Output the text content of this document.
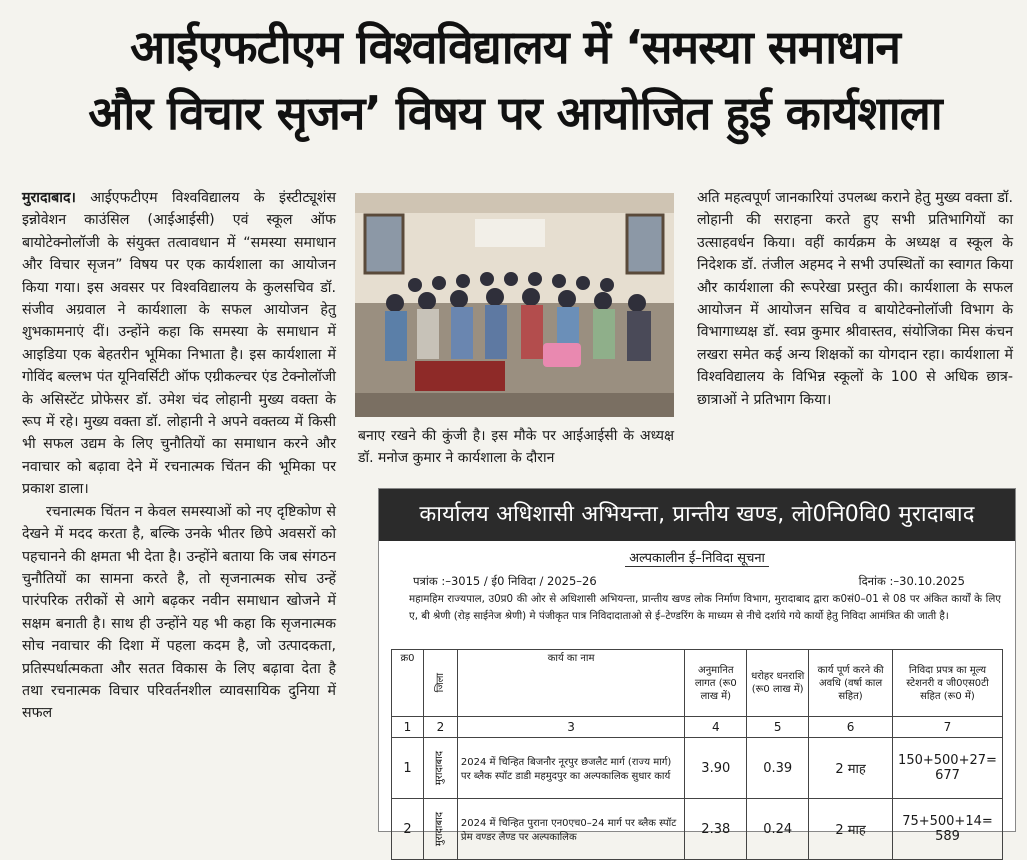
आईएफटीएम विश्वविद्यालय में ‘समस्या समाधान
और विचार सृजन’ विषय पर आयोजित हुई कार्यशाला

मुरादाबाद। आईएफटीएम विश्वविद्यालय के इंस्टीट्यूशंस इन्नोवेशन काउंसिल (आईआईसी) एवं स्कूल ऑफ बायोटेक्नोलॉजी के संयुक्त तत्वावधान में “समस्या समाधान और विचार सृजन” विषय पर एक कार्यशाला का आयोजन किया गया। इस अवसर पर विश्वविद्यालय के कुलसचिव डॉ. संजीव अग्रवाल ने कार्यशाला के सफल आयोजन हेतु शुभकामनाएं दीं। उन्होंने कहा कि समस्या के समाधान में आइडिया एक बेहतरीन भूमिका निभाता है। इस कार्यशाला में गोविंद बल्लभ पंत यूनिवर्सिटी ऑफ एग्रीकल्चर एंड टेक्नोलॉजी के असिस्टेंट प्रोफेसर डॉ. उमेश चंद लोहानी मुख्य वक्ता के रूप में रहे। मुख्य वक्ता डॉ. लोहानी ने अपने वक्तव्य में किसी भी सफल उद्यम के लिए चुनौतियों का समाधान करने और नवाचार को बढ़ावा देने में रचनात्मक चिंतन की भूमिका पर प्रकाश डाला।

रचनात्मक चिंतन न केवल समस्याओं को नए दृष्टिकोण से देखने में मदद करता है, बल्कि उनके भीतर छिपे अवसरों को पहचानने की क्षमता भी देता है। उन्होंने बताया कि जब संगठन चुनौतियों का सामना करते है, तो सृजनात्मक सोच उन्हें पारंपरिक तरीकों से आगे बढ़कर नवीन समाधान खोजने में सक्षम बनाती है। साथ ही उन्होंने यह भी कहा कि सृजनात्मक सोच नवाचार की दिशा में पहला कदम है, जो उत्पादकता, प्रतिस्पर्धात्मकता और सतत विकास के लिए बढ़ावा देता है तथा रचनात्मक विचार परिवर्तनशील व्यावसायिक दुनिया में सफल

बनाए रखने की कुंजी है। इस मौके पर आईआईसी के अध्यक्ष डॉ. मनोज कुमार ने कार्यशाला के दौरान
अति महत्वपूर्ण जानकारियां उपलब्ध कराने हेतु मुख्य वक्ता डॉ. लोहानी की सराहना करते हुए सभी प्रतिभागियों का उत्साहवर्धन किया। वहीं कार्यक्रम के अध्यक्ष व स्कूल के निदेशक डॉ. तंजील अहमद ने सभी उपस्थितों का स्वागत किया और कार्यशाला की रूपरेखा प्रस्तुत की। कार्यशाला के सफल आयोजन में आयोजन सचिव व बायोटेक्नोलॉजी विभाग के विभागाध्यक्ष डॉ. स्वप्न कुमार श्रीवास्तव, संयोजिका मिस कंचन लखरा समेत कई अन्य शिक्षकों का योगदान रहा। कार्यशाला में विश्वविद्यालय के विभिन्न स्कूलों के 100 से अधिक छात्र-छात्राओं ने प्रतिभाग किया।
कार्यालय अधिशासी अभियन्ता, प्रान्तीय खण्ड, लो0नि0वि0 मुरादाबाद
अल्पकालीन ई–निविदा सूचना
पत्रांक :–3015 / ई0 निविदा / 2025–26	दिनांक :–30.10.2025
महामहिम राज्यपाल, उ0प्र0 की ओर से अधिशासी अभियन्ता, प्रान्तीय खण्ड लोक निर्माण विभाग, मुरादाबाद द्वारा क0सं0–01 से 08 पर अंकित कार्यों के लिए ए, बी श्रेणी (रोड़ साईनेज श्रेणी) मे पंजीकृत पात्र निविदादाताओ से ई–टेण्डरिंग के माध्यम से नीचे दर्शाये गये कार्यो हेतु निविदा आमंत्रित की जाती है।
क्र0	जिला	कार्य का नाम	अनुमानित लागत (रू0 लाख में)	धरोहर धनराशि (रू0 लाख में)	कार्य पूर्ण करने की अवधि (वर्षा काल सहित)	निविदा प्रपत्र का मूल्य स्टेशनरी व जी0एस0टी सहित (रू0 में)
1	2	3	4	5	6	7
1	मुरादाबाद	2024 में चिन्हित बिजनौर नूरपुर छजलैट मार्ग (राज्य मार्ग) पर ब्लैक स्पॉट डाडी महमुदपुर का अल्पकालिक सुधार कार्य	3.90	0.39	2 माह	150+500+27= 677
2	मुरादाबाद	2024 में चिन्हित पुराना एन0एच0–24 मार्ग पर ब्लैक स्पॉट प्रेम वण्डर लैण्ड पर अल्पकालिक	2.38	0.24	2 माह	75+500+14= 589
